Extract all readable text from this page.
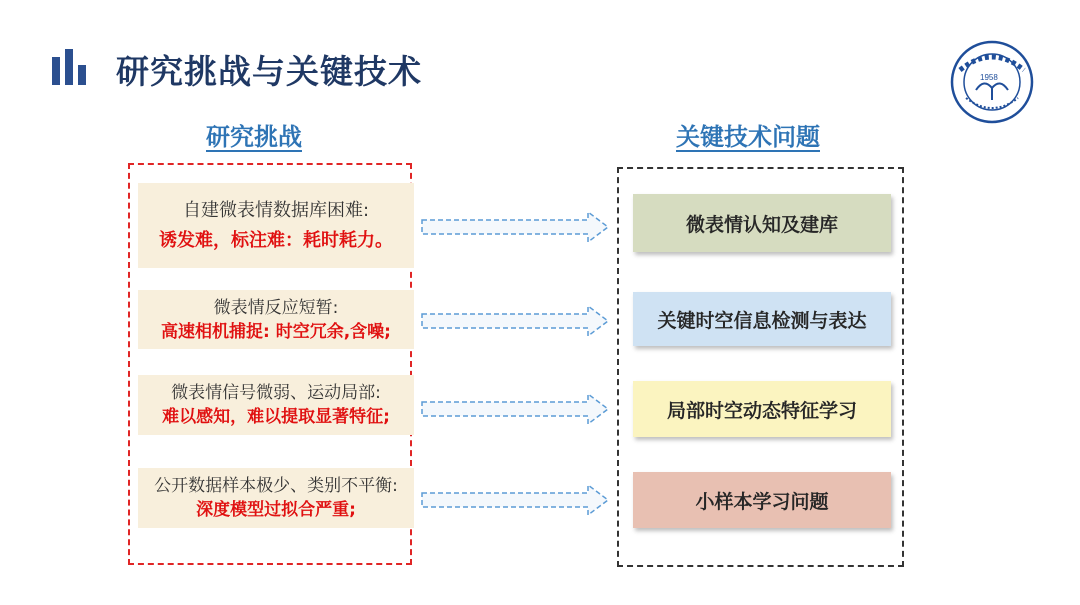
研究挑战与关键技术	1958
研究挑战	关键技术问题
自建微表情数据库困难:
诱发难，标注难：耗时耗力。
微表情反应短暂:
高速相机捕捉: 时空冗余,含噪;
微表情信号微弱、运动局部:
难以感知，难以提取显著特征;
公开数据样本极少、类别不平衡:
深度模型过拟合严重;
微表情认知及建库
关键时空信息检测与表达
局部时空动态特征学习
小样本学习问题
